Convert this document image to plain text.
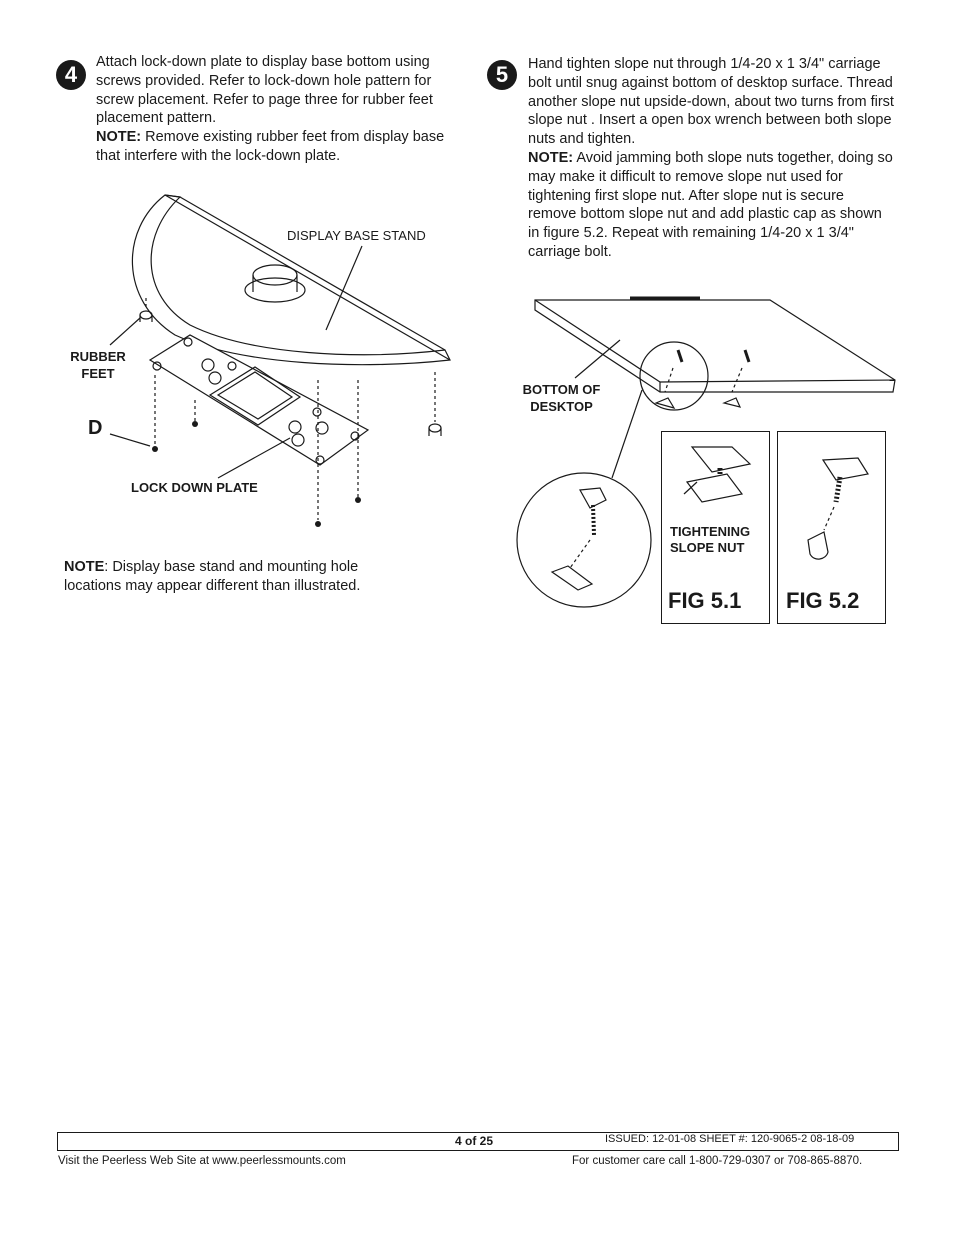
4	Attach lock-down plate to display base bottom using screws provided. Refer to lock-down hole pattern for screw placement. Refer to page three for rubber feet placement pattern.
NOTE: Remove existing rubber feet from display base that interfere with the lock-down plate.

5	Hand tighten slope nut through 1/4-20 x 1 3/4" carriage bolt until snug against bottom of desktop surface. Thread another slope nut upside-down, about two turns from first slope nut . Insert a open box wrench between both slope nuts and tighten.
NOTE: Avoid jamming both slope nuts together, doing so may make it difficult to remove slope nut used for tightening first slope nut. After slope nut is secure remove bottom slope nut and add plastic cap as shown in figure 5.2. Repeat with remaining 1/4-20 x 1 3/4" carriage bolt.

DISPLAY BASE STAND
RUBBER
FEET
D
LOCK DOWN PLATE

NOTE: Display base stand and mounting hole locations may appear different than illustrated.

BOTTOM OF
DESKTOP
TIGHTENING
SLOPE NUT
FIG 5.1 FIG 5.2
4 of 25	ISSUED: 12-01-08 SHEET #: 120-9065-2 08-18-09
Visit the Peerless Web Site at www.peerlessmounts.com	For customer care call 1-800-729-0307 or 708-865-8870.
